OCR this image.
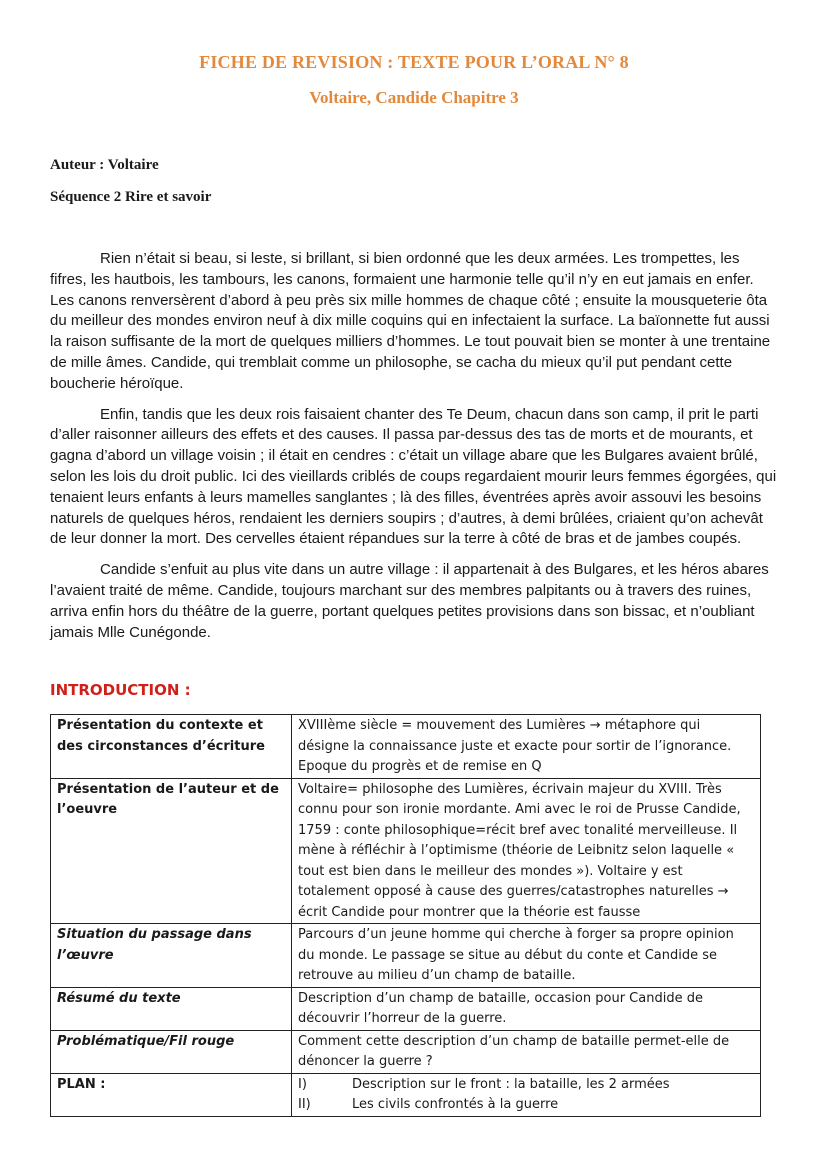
FICHE DE REVISION : TEXTE POUR L’ORAL N° 8
Voltaire, Candide Chapitre 3
Auteur : Voltaire
Séquence 2 Rire et savoir

Rien n’était si beau, si leste, si brillant, si bien ordonné que les deux armées. Les trompettes, les fifres, les hautbois, les tambours, les canons, formaient une harmonie telle qu’il n’y en eut jamais en enfer. Les canons renversèrent d’abord à peu près six mille hommes de chaque côté ; ensuite la mousqueterie ôta du meilleur des mondes environ neuf à dix mille coquins qui en infectaient la surface. La baïonnette fut aussi la raison suffisante de la mort de quelques milliers d’hommes. Le tout pouvait bien se monter à une trentaine de mille âmes. Candide, qui tremblait comme un philosophe, se cacha du mieux qu’il put pendant cette boucherie héroïque.

Enfin, tandis que les deux rois faisaient chanter des Te Deum, chacun dans son camp, il prit le parti d’aller raisonner ailleurs des effets et des causes. Il passa par-dessus des tas de morts et de mourants, et gagna d’abord un village voisin ; il était en cendres : c’était un village abare que les Bulgares avaient brûlé, selon les lois du droit public. Ici des vieillards criblés de coups regardaient mourir leurs femmes égorgées, qui tenaient leurs enfants à leurs mamelles sanglantes ; là des filles, éventrées après avoir assouvi les besoins naturels de quelques héros, rendaient les derniers soupirs ; d’autres, à demi brûlées, criaient qu’on achevât de leur donner la mort. Des cervelles étaient répandues sur la terre à côté de bras et de jambes coupés.

Candide s’enfuit au plus vite dans un autre village : il appartenait à des Bulgares, et les héros abares l’avaient traité de même. Candide, toujours marchant sur des membres palpitants ou à travers des ruines, arriva enfin hors du théâtre de la guerre, portant quelques petites provisions dans son bissac, et n’oubliant jamais Mlle Cunégonde.

INTRODUCTION :
Présentation du contexte et des circonstances d’écriture	XVIIIème siècle = mouvement des Lumières → métaphore qui désigne la connaissance juste et exacte pour sortir de l’ignorance. Epoque du progrès et de remise en Q
Présentation de l’auteur et de l’oeuvre	Voltaire= philosophe des Lumières, écrivain majeur du XVIII. Très connu pour son ironie mordante. Ami avec le roi de Prusse Candide, 1759 : conte philosophique=récit bref avec tonalité merveilleuse. Il mène à réfléchir à l’optimisme (théorie de Leibnitz selon laquelle « tout est bien dans le meilleur des mondes »). Voltaire y est totalement opposé à cause des guerres/catastrophes naturelles → écrit Candide pour montrer que la théorie est fausse
Situation du passage dans l’œuvre	Parcours d’un jeune homme qui cherche à forger sa propre opinion du monde. Le passage se situe au début du conte et Candide se retrouve au milieu d’un champ de bataille.
Résumé du texte	Description d’un champ de bataille, occasion pour Candide de découvrir l’horreur de la guerre.
Problématique/Fil rouge	Comment cette description d’un champ de bataille permet-elle de dénoncer la guerre ?
PLAN :	I) Description sur le front : la bataille, les 2 armées
II) Les civils confrontés à la guerre
